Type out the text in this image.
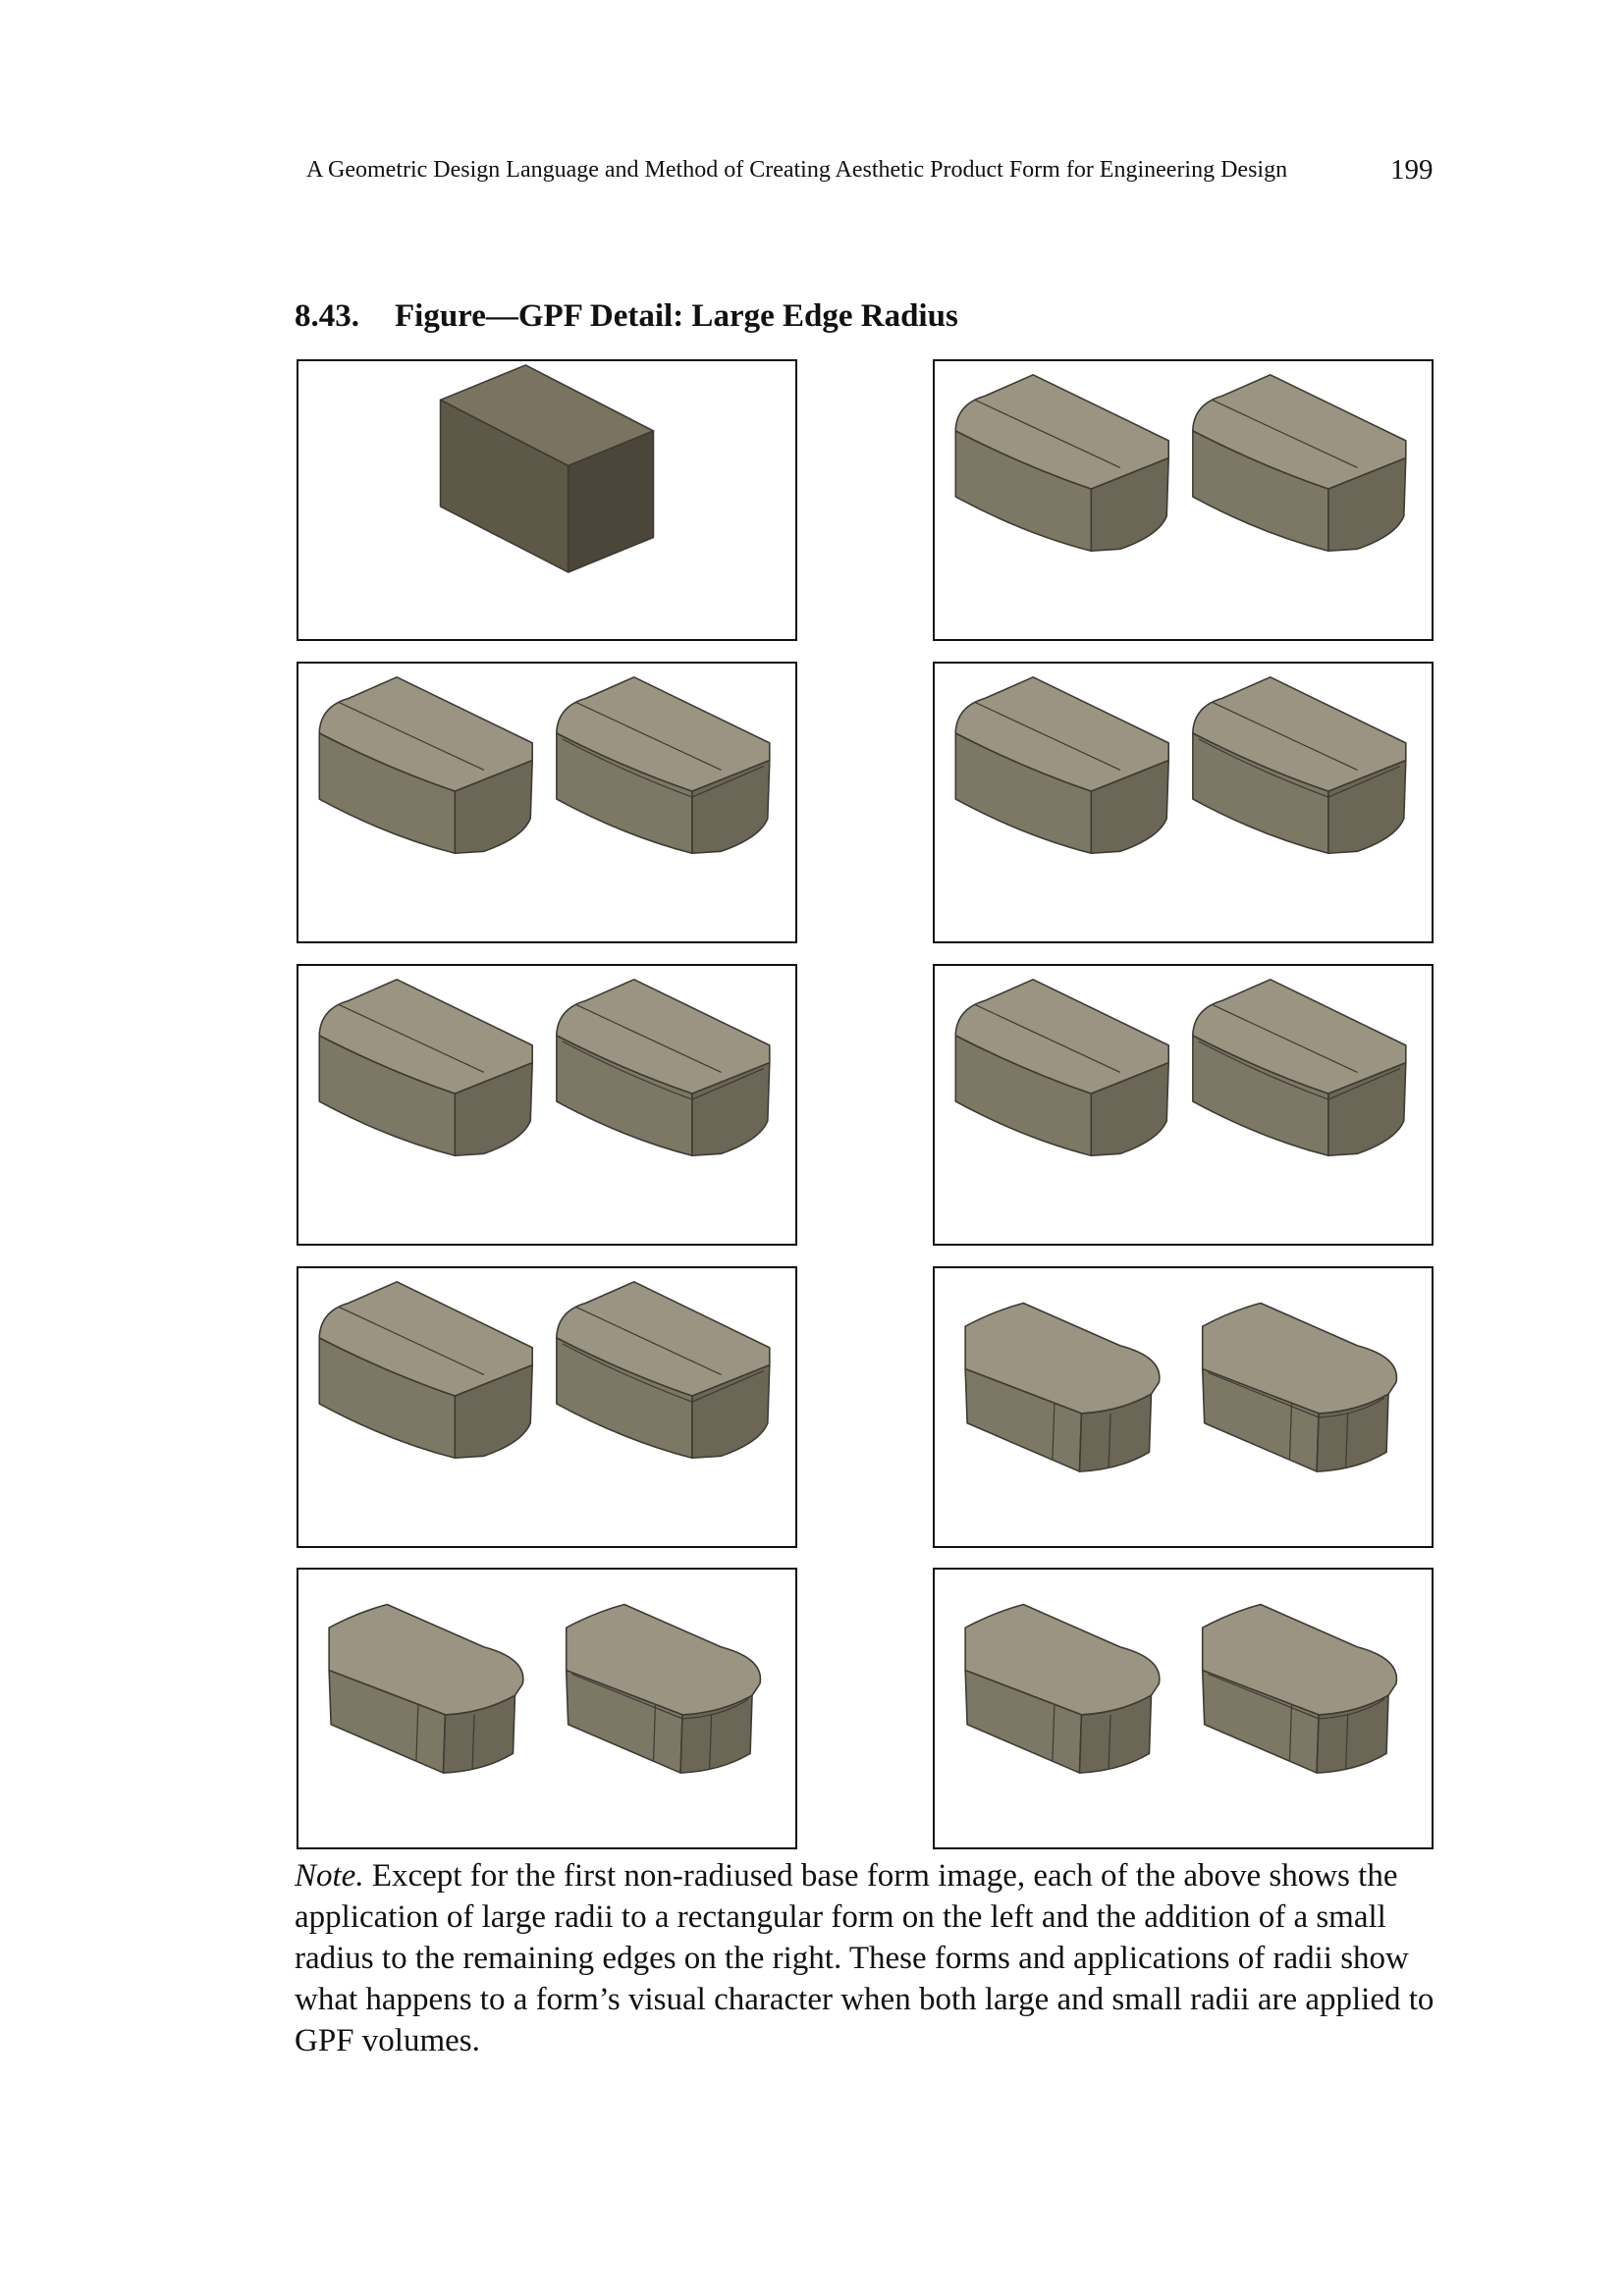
A Geometric Design Language and Method of Creating Aesthetic Product Form for Engineering Design	199
8.43. Figure—GPF Detail: Large Edge Radius
Note. Except for the first non-radiused base form image, each of the above shows the application of large radii to a rectangular form on the left and the addition of a small radius to the remaining edges on the right. These forms and applications of radii show what happens to a form’s visual character when both large and small radii are applied to GPF volumes.
